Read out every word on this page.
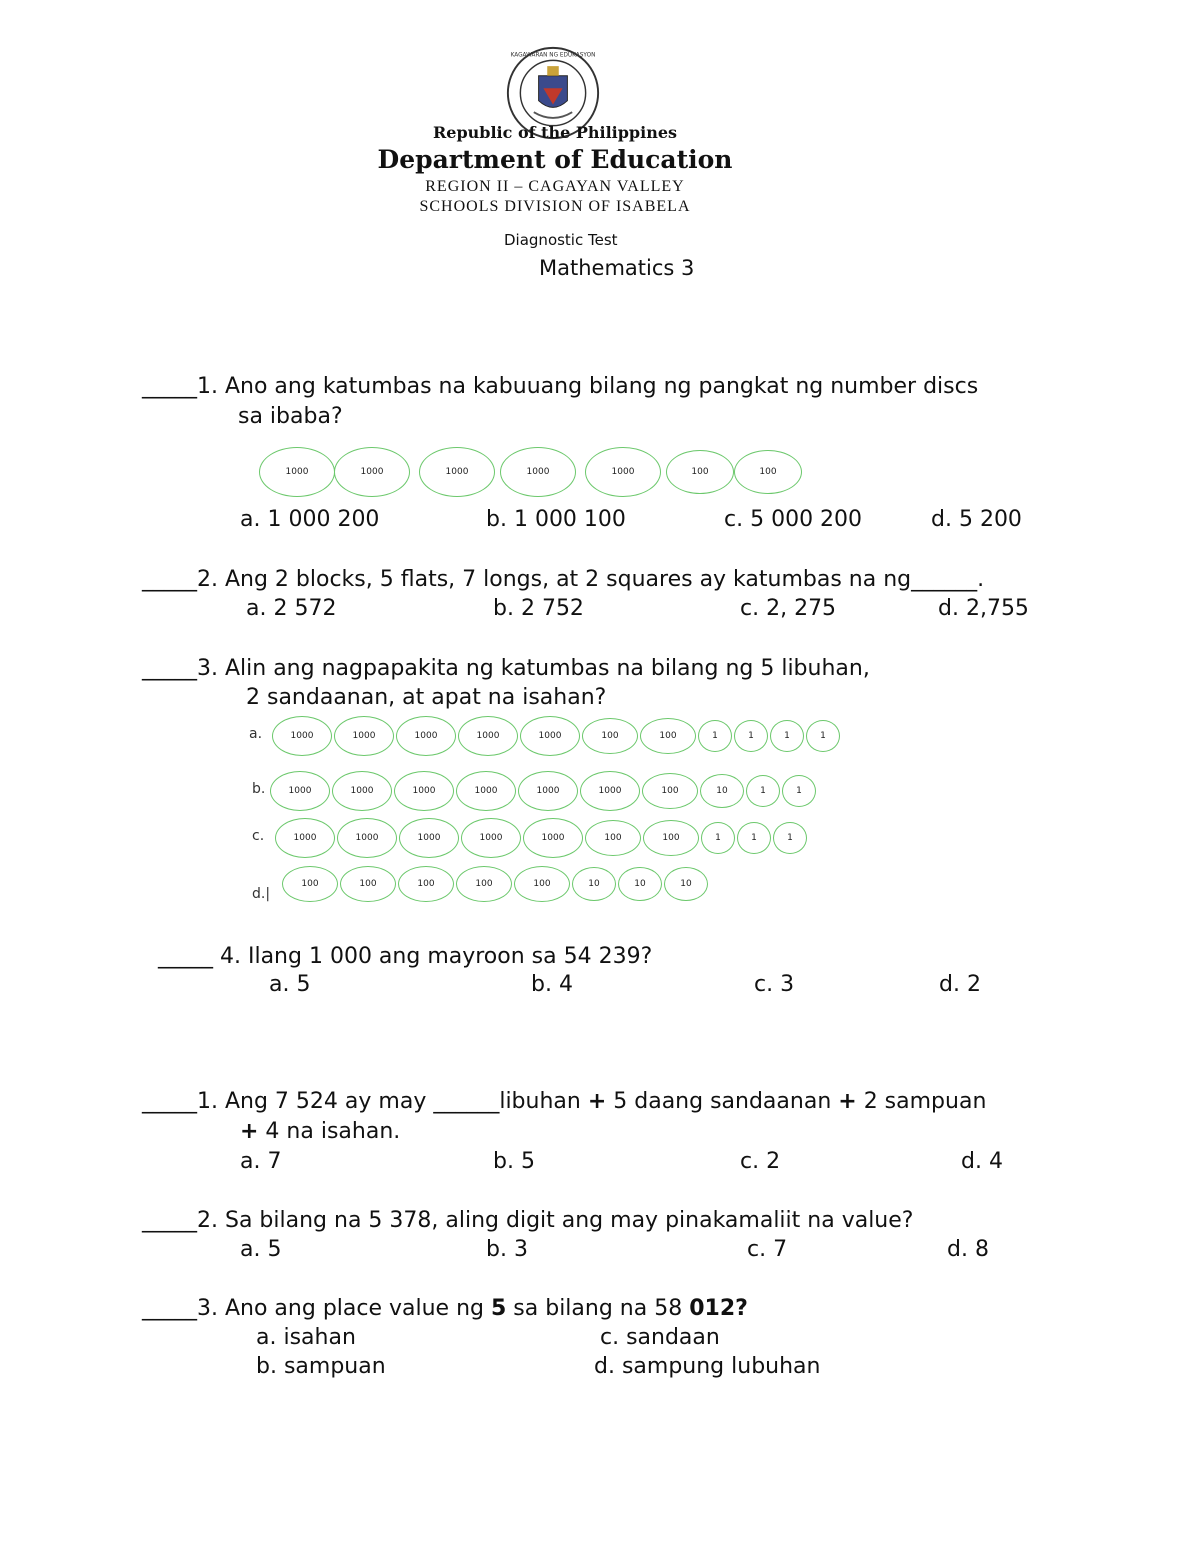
KAGAWARAN NG EDUKASYON
Republic of the Philippines
Department of Education
REGION II – CAGAYAN VALLEY
SCHOOLS DIVISION OF ISABELA
Diagnostic Test
Mathematics 3
_____1. Ano ang katumbas na kabuuang bilang ng pangkat ng number discs
sa ibaba?
1000	1000	1000	1000	1000	100	100
a. 1 000 200	b. 1 000 100	c. 5 000 200	d. 5 200
_____2. Ang 2 blocks, 5 flats, 7 longs, at 2 squares ay katumbas na ng______.
a. 2 572	b. 2 752	c. 2, 275	d. 2,755
_____3. Alin ang nagpapakita ng katumbas na bilang ng 5 libuhan,
2 sandaanan, at apat na isahan?
a.	1000	1000	1000	1000	1000	100	100	1	1	1	1
b.	1000	1000	1000	1000	1000	1000	100	10	1	1
c.	1000	1000	1000	1000	1000	100	100	1	1	1
d.|
100	100	100	100	100	10	10	10
_____ 4. Ilang 1 000 ang mayroon sa 54 239?
a. 5	b. 4	c. 3	d. 2
_____1. Ang 7 524 ay may ______libuhan + 5 daang sandaanan + 2 sampuan
+ 4 na isahan.
a. 7	b. 5	c. 2	d. 4
_____2. Sa bilang na 5 378, aling digit ang may pinakamaliit na value?
a. 5	b. 3	c. 7	d. 8
_____3. Ano ang place value ng 5 sa bilang na 58 012?
a. isahan	c. sandaan
b. sampuan	d. sampung lubuhan
